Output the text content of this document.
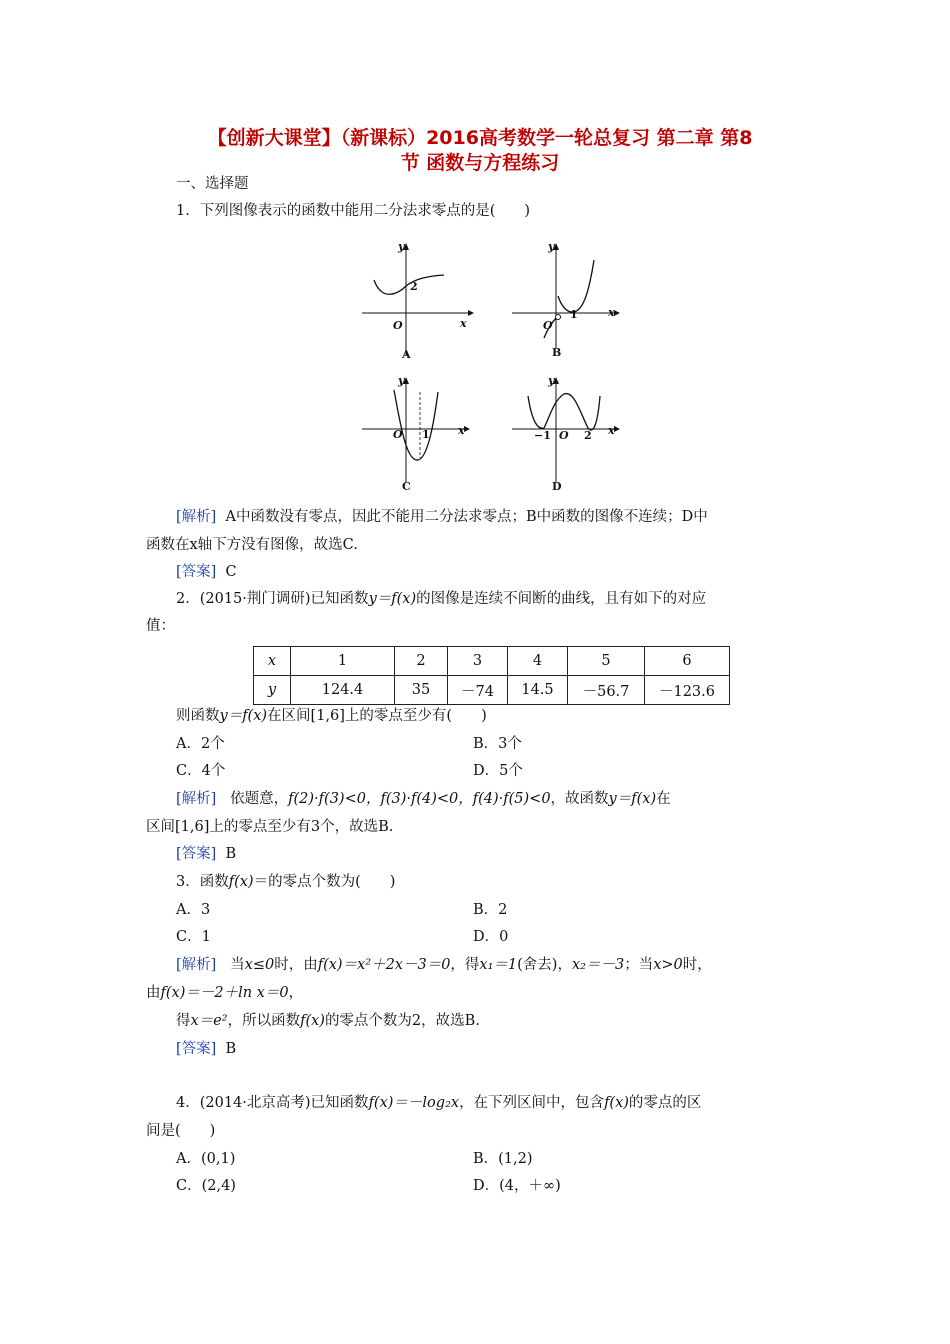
【创新大课堂】（新课标）2016高考数学一轮总复习 第二章 第8
节 函数与方程练习
一、选择题
1．下列图像表示的函数中能用二分法求零点的是(　　)
y
x
O
2
A
y
x
O
1
B
y
x
O 1
C
y
x
O
−1	2
D
[解析] A中函数没有零点，因此不能用二分法求零点；B中函数的图像不连续；D中
函数在x轴下方没有图像，故选C.
[答案] C
2．(2015·荆门调研)已知函数y＝f(x)的图像是连续不间断的曲线，且有如下的对应
值：
x	1	2	3	4	5	6
y	124.4	35	－74	14.5	－56.7	－123.6
则函数y＝f(x)在区间[1,6]上的零点至少有(　　)
A．2个	B．3个
C．4个	D．5个
[解析] 依题意，f(2)·f(3)<0，f(3)·f(4)<0，f(4)·f(5)<0，故函数y＝f(x)在
区间[1,6]上的零点至少有3个，故选B.
[答案] B
3．函数f(x)＝的零点个数为(　　)
A．3	B．2
C．1	D．0
[解析] 当x≤0时，由f(x)＝x²＋2x－3＝0，得x₁＝1(舍去)，x₂＝－3；当x>0时，
由f(x)＝－2＋ln x＝0，
得x＝e²，所以函数f(x)的零点个数为2，故选B.
[答案] B
4．(2014·北京高考)已知函数f(x)＝－log₂x，在下列区间中，包含f(x)的零点的区
间是(　　)
A．(0,1)	B．(1,2)
C．(2,4)	D．(4，＋∞)
